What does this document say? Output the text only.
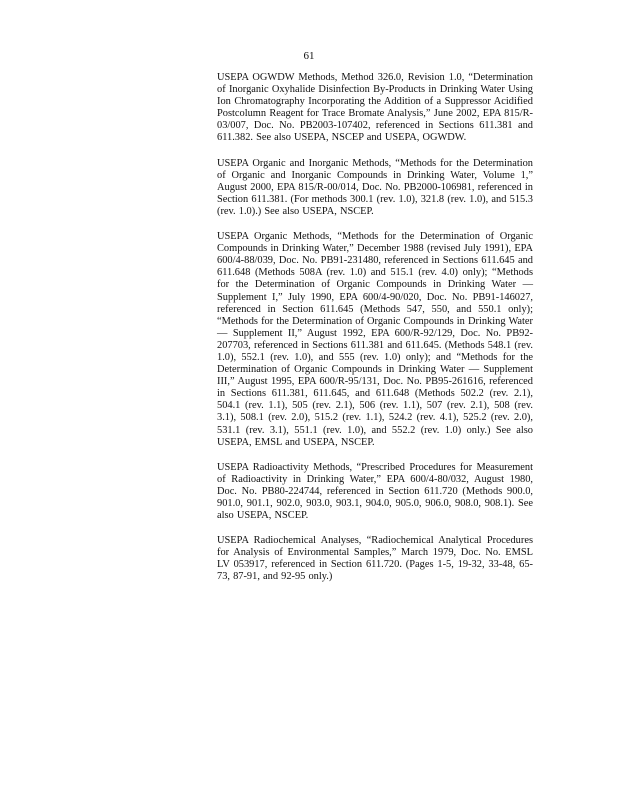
61

USEPA OGWDW Methods, Method 326.0, Revision 1.0, “Determination of Inorganic Oxyhalide Disinfection By-Products in Drinking Water Using Ion Chromatography Incorporating the Addition of a Suppressor Acidified Postcolumn Reagent for Trace Bromate Analysis,” June 2002, EPA 815/R-03/007, Doc. No. PB2003-107402, referenced in Sections 611.381 and 611.382. See also USEPA, NSCEP and USEPA, OGWDW.

USEPA Organic and Inorganic Methods, “Methods for the Determination of Organic and Inorganic Compounds in Drinking Water, Volume 1,” August 2000, EPA 815/R-00/014, Doc. No. PB2000-106981, referenced in Section 611.381. (For methods 300.1 (rev. 1.0), 321.8 (rev. 1.0), and 515.3 (rev. 1.0).) See also USEPA, NSCEP.

USEPA Organic Methods, “Methods for the Determination of Organic Compounds in Drinking Water,” December 1988 (revised July 1991), EPA 600/4-88/039, Doc. No. PB91-231480, referenced in Sections 611.645 and 611.648 (Methods 508A (rev. 1.0) and 515.1 (rev. 4.0) only); “Methods for the Determination of Organic Compounds in Drinking Water — Supplement I,” July 1990, EPA 600/4-90/020, Doc. No. PB91-146027, referenced in Section 611.645 (Methods 547, 550, and 550.1 only); “Methods for the Determination of Organic Compounds in Drinking Water — Supplement II,” August 1992, EPA 600/R-92/129, Doc. No. PB92-207703, referenced in Sections 611.381 and 611.645. (Methods 548.1 (rev. 1.0), 552.1 (rev. 1.0), and 555 (rev. 1.0) only); and “Methods for the Determination of Organic Compounds in Drinking Water — Supplement III,” August 1995, EPA 600/R-95/131, Doc. No. PB95-261616, referenced in Sections 611.381, 611.645, and 611.648 (Methods 502.2 (rev. 2.1), 504.1 (rev. 1.1), 505 (rev. 2.1), 506 (rev. 1.1), 507 (rev. 2.1), 508 (rev. 3.1), 508.1 (rev. 2.0), 515.2 (rev. 1.1), 524.2 (rev. 4.1), 525.2 (rev. 2.0), 531.1 (rev. 3.1), 551.1 (rev. 1.0), and 552.2 (rev. 1.0) only.) See also USEPA, EMSL and USEPA, NSCEP.

USEPA Radioactivity Methods, “Prescribed Procedures for Measurement of Radioactivity in Drinking Water,” EPA 600/4-80/032, August 1980, Doc. No. PB80-224744, referenced in Section 611.720 (Methods 900.0, 901.0, 901.1, 902.0, 903.0, 903.1, 904.0, 905.0, 906.0, 908.0, 908.1). See also USEPA, NSCEP.

USEPA Radiochemical Analyses, “Radiochemical Analytical Procedures for Analysis of Environmental Samples,” March 1979, Doc. No. EMSL LV 053917, referenced in Section 611.720. (Pages 1-5, 19-32, 33-48, 65-73, 87-91, and 92-95 only.)
